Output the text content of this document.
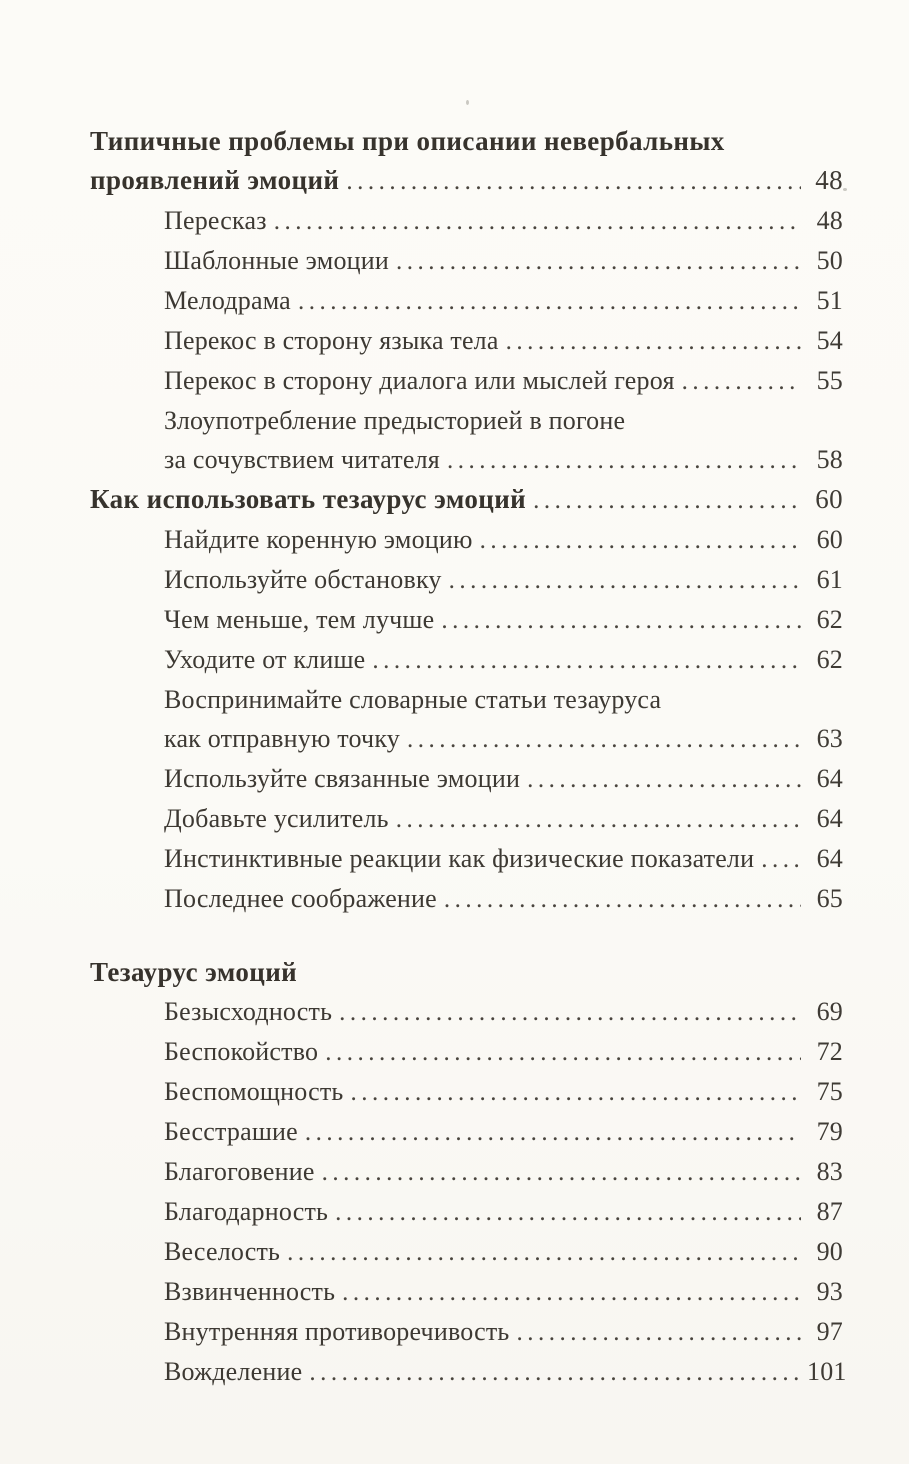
Типичные проблемы при описании невербальных
проявлений эмоций .....	48
Пересказ .....	48
Шаблонные эмоции .....	50
Мелодрама .....	51
Перекос в сторону языка тела .....	54
Перекос в сторону диалога или мыслей героя .....	55
Злоупотребление предысторией в погоне
за сочувствием читателя .....	58
Как использовать тезаурус эмоций .....	60
Найдите коренную эмоцию .....	60
Используйте обстановку .....	61
Чем меньше, тем лучше .....	62
Уходите от клише .....	62
Воспринимайте словарные статьи тезауруса
как отправную точку .....	63
Используйте связанные эмоции .....	64
Добавьте усилитель .....	64
Инстинктивные реакции как физические показатели .....	64
Последнее соображение .....	65
Тезаурус эмоций
Безысходность .....	69
Беспокойство .....	72
Беспомощность .....	75
Бесстрашие .....	79
Благоговение .....	83
Благодарность .....	87
Веселость .....	90
Взвинченность .....	93
Внутренняя противоречивость .....	97
Вожделение .....	101
